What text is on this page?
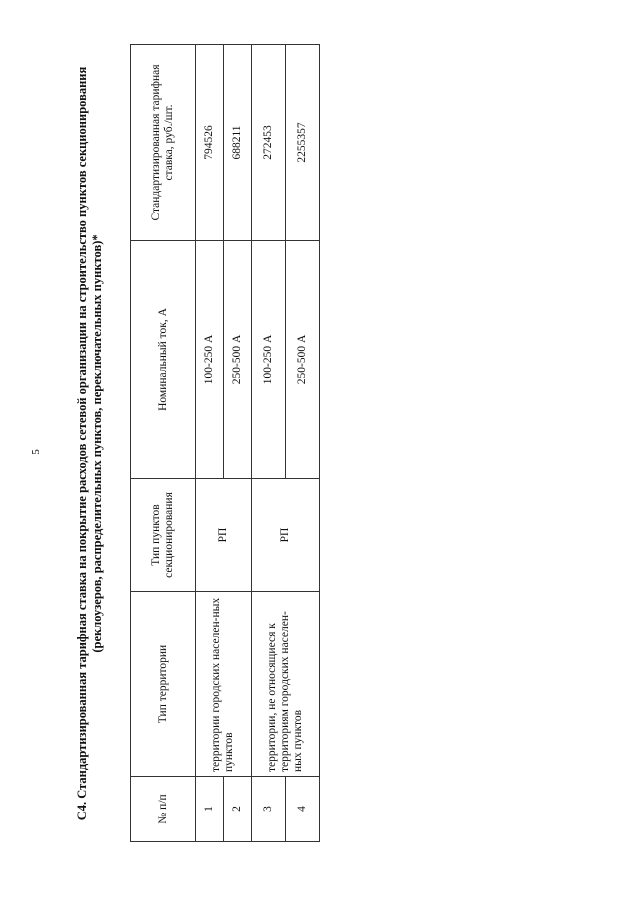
5	С4. Стандартизированная тарифная ставка на покрытие расходов сетевой организации на строительство пунктов секционирования (реклоузеров, распределительных пунктов, переключательных пунктов)*
№ п/п	Тип территории	Тип пунктов секционирования	Номинальный ток, А	Стандартизированная тарифная ставка, руб./шт.
1	территории городских населен-ных пунктов	РП	100-250 А	794526
2			250-500 А	688211
3	территории, не относящиеся к территориям городских населен-ных пунктов	РП	100-250 А	272453
4			250-500 А	2255357
